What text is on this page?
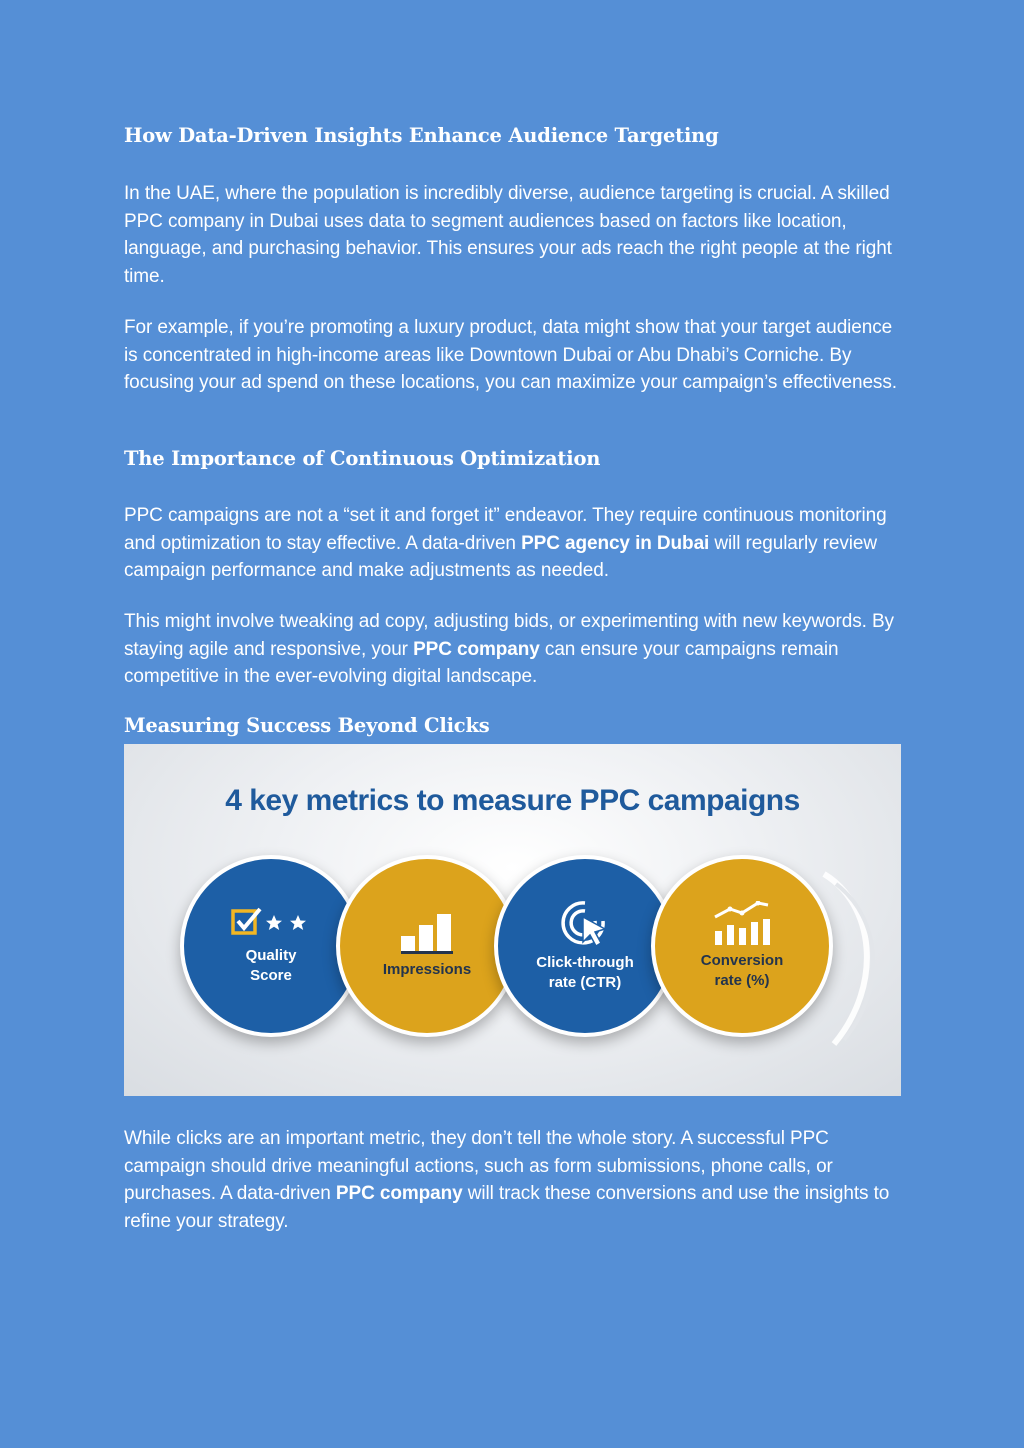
How Data-Driven Insights Enhance Audience Targeting

In the UAE, where the population is incredibly diverse, audience targeting is crucial. A skilled PPC company in Dubai uses data to segment audiences based on factors like location, language, and purchasing behavior. This ensures your ads reach the right people at the right time.

For example, if you’re promoting a luxury product, data might show that your target audience is concentrated in high-income areas like Downtown Dubai or Abu Dhabi’s Corniche. By focusing your ad spend on these locations, you can maximize your campaign’s effectiveness.

The Importance of Continuous Optimization

PPC campaigns are not a “set it and forget it” endeavor. They require continuous monitoring and optimization to stay effective. A data-driven PPC agency in Dubai will regularly review campaign performance and make adjustments as needed.

This might involve tweaking ad copy, adjusting bids, or experimenting with new keywords. By staying agile and responsive, your PPC company can ensure your campaigns remain competitive in the ever-evolving digital landscape.

Measuring Success Beyond Clicks

While clicks are an important metric, they don’t tell the whole story. A successful PPC campaign should drive meaningful actions, such as form submissions, phone calls, or purchases. A data-driven PPC company will track these conversions and use the insights to refine your strategy.

4 key metrics to measure PPC campaigns
Quality
Score	Impressions	Click-through
rate (CTR)
Conversion
rate (%)
